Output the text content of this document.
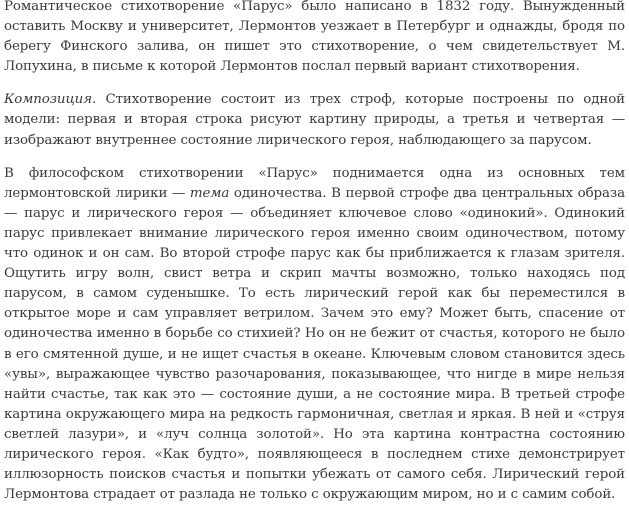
Романтическое стихотворение «Парус» было написано в 1832 году. Вынужденный оставить Москву и университет, Лермонтов уезжает в Петербург и однажды, бродя по берегу Финского залива, он пишет это стихотворение, о чем свидетельствует М. Лопухина, в письме к которой Лермонтов послал первый вариант стихотворения.

Композиция. Стихотворение состоит из трех строф, которые построены по одной модели: первая и вторая строка рисуют картину природы, а третья и четвертая — изображают внутреннее состояние лирического героя, наблюдающего за парусом.

В философском стихотворении «Парус» поднимается одна из основных тем лермонтовской лирики — тема одиночества. В первой строфе два центральных образа — парус и лирического героя — объединяет ключевое слово «одинокий». Одинокий парус привлекает внимание лирического героя именно своим одиночеством, потому что одинок и он сам. Во второй строфе парус как бы приближается к глазам зрителя. Ощутить игру волн, свист ветра и скрип мачты возможно, только находясь под парусом, в самом суденышке. То есть лирический герой как бы переместился в открытое море и сам управляет ветрилом. Зачем это ему? Может быть, спасение от одиночества именно в борьбе со стихией? Но он не бежит от счастья, которого не было в его смятенной душе, и не ищет счастья в океане. Ключевым словом становится здесь «увы», выражающее чувство разочарования, показывающее, что нигде в мире нельзя найти счастье, так как это — состояние души, а не состояние мира. В третьей строфе картина окружающего мира на редкость гармоничная, светлая и яркая. В ней и «струя светлей лазури», и «луч солнца золотой». Но эта картина контрастна состоянию лирического героя. «Как будто», появляющееся в последнем стихе демонстрирует иллюзорность поисков счастья и попытки убежать от самого себя. Лирический герой Лермонтова страдает от разлада не только с окружающим миром, но и с самим собой.
